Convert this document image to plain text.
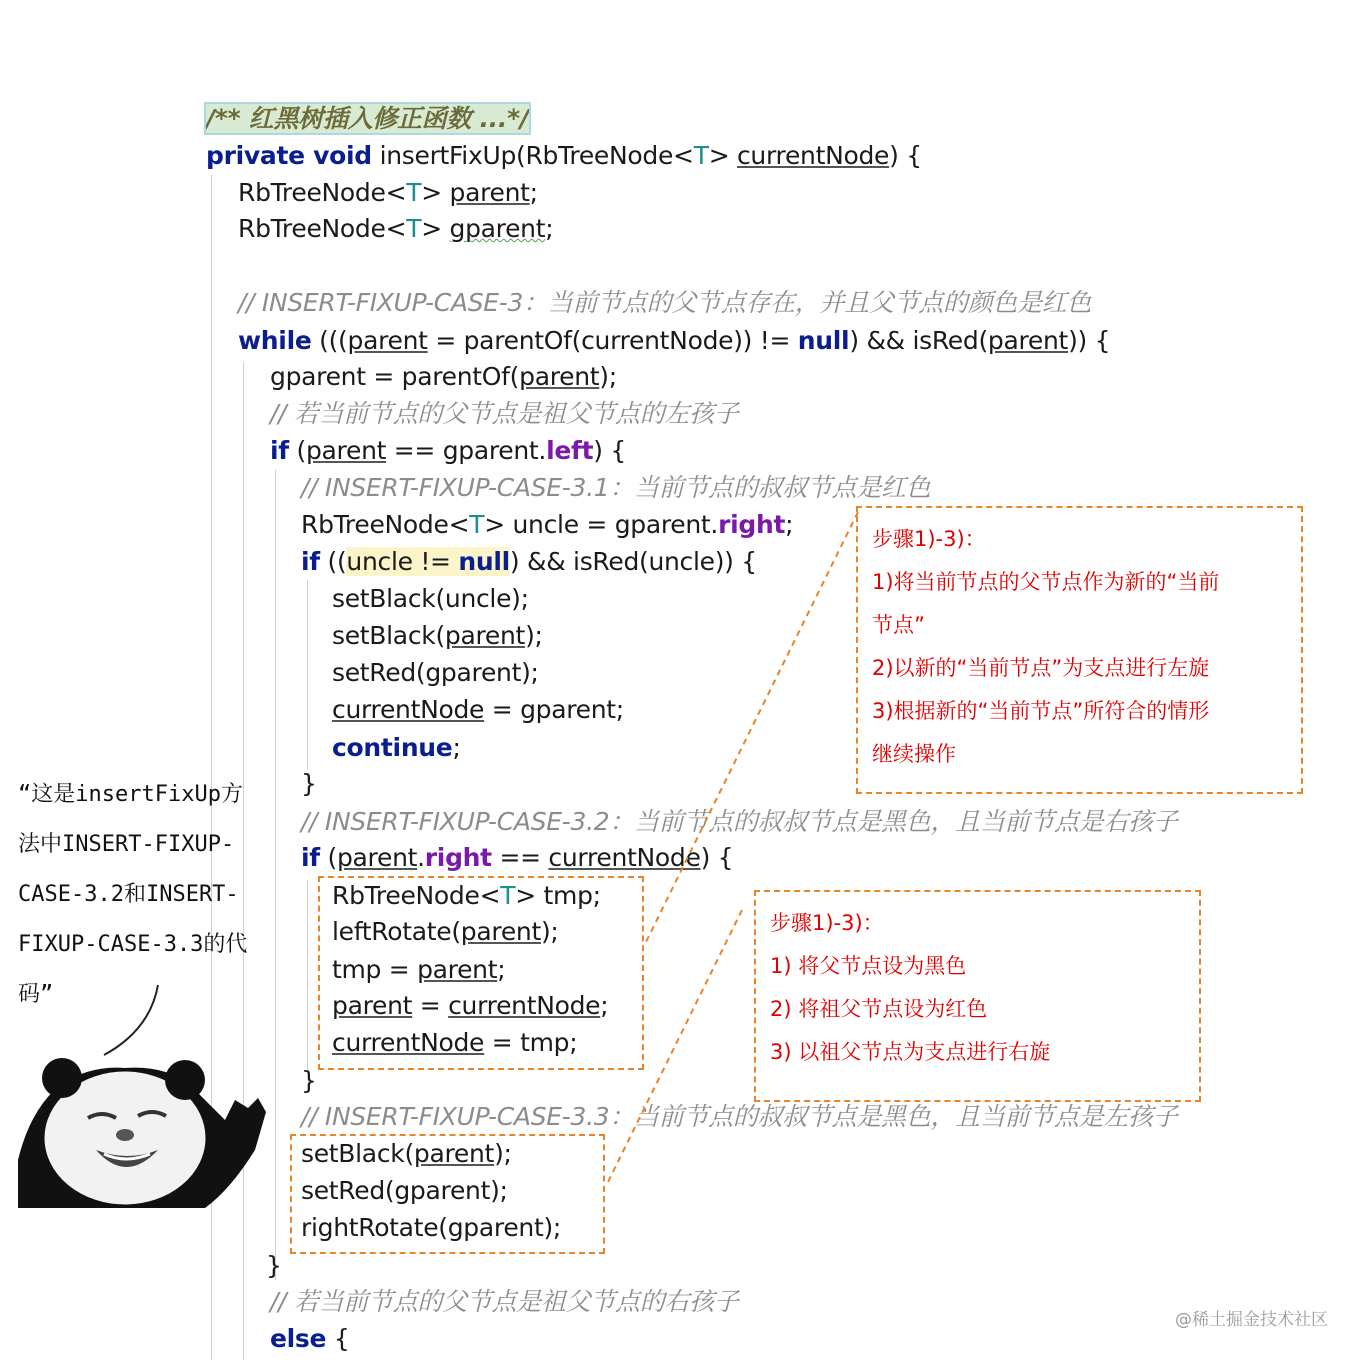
/** 红黑树插入修正函数 ...*/
private void insertFixUp(RbTreeNode<T> currentNode) {
RbTreeNode<T> parent;
RbTreeNode<T> gparent;
// INSERT-FIXUP-CASE-3：当前节点的父节点存在，并且父节点的颜色是红色
while (((parent = parentOf(currentNode)) != null) && isRed(parent)) {
gparent = parentOf(parent);
// 若当前节点的父节点是祖父节点的左孩子
if (parent == gparent.left) {
// INSERT-FIXUP-CASE-3.1：当前节点的叔叔节点是红色
RbTreeNode<T> uncle = gparent.right;
if ((uncle != null) && isRed(uncle)) {
setBlack(uncle);
setBlack(parent);
setRed(gparent);
currentNode = gparent;
continue;
}
// INSERT-FIXUP-CASE-3.2：当前节点的叔叔节点是黑色，且当前节点是右孩子
if (parent.right == currentNode) {
RbTreeNode<T> tmp;
leftRotate(parent);
tmp = parent;
parent = currentNode;
currentNode = tmp;
}
// INSERT-FIXUP-CASE-3.3：当前节点的叔叔节点是黑色，且当前节点是左孩子
setBlack(parent);
setRed(gparent);
rightRotate(gparent);
}
// 若当前节点的父节点是祖父节点的右孩子
else {
步骤1)-3)：
1)将当前节点的父节点作为新的“当前
节点”
2)以新的“当前节点”为支点进行左旋
3)根据新的“当前节点”所符合的情形
继续操作
步骤1)-3)：
1) 将父节点设为黑色
2) 将祖父节点设为红色
3) 以祖父节点为支点进行右旋
“这是insertFixUp方
法中INSERT-FIXUP-
CASE-3.2和INSERT-
FIXUP-CASE-3.3的代
码”
@稀土掘金技术社区
